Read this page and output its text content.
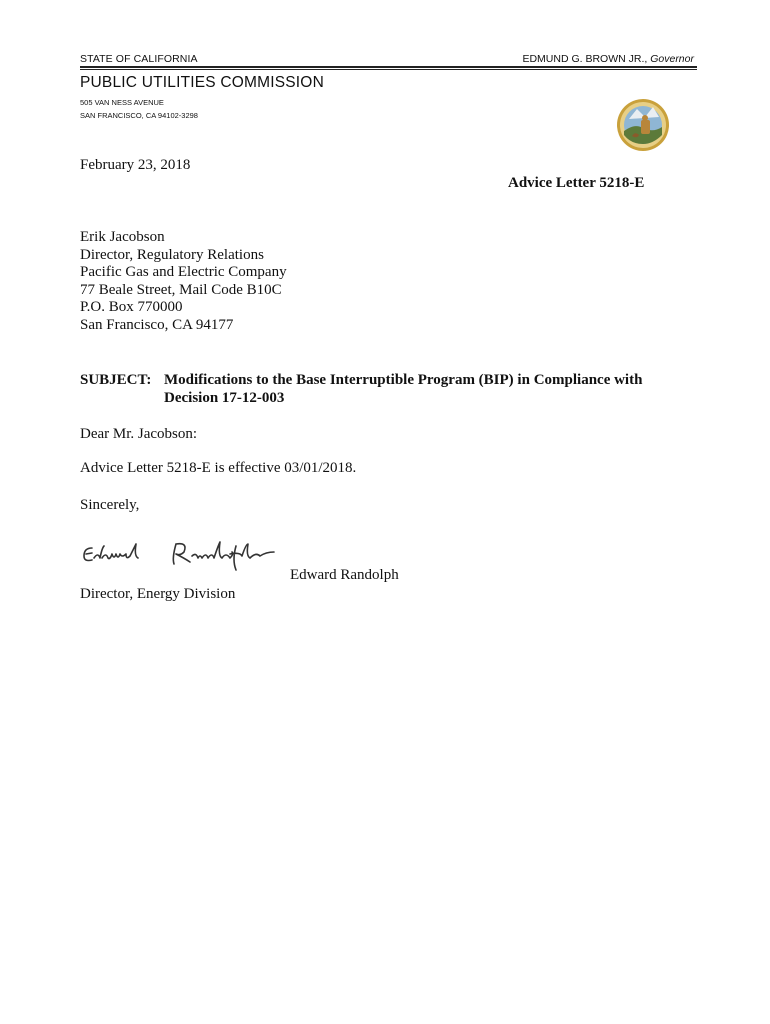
STATE OF CALIFORNIA	EDMUND G. BROWN JR., Governor
PUBLIC UTILITIES COMMISSION
505 VAN NESS AVENUE
SAN FRANCISCO, CA 94102-3298
February 23, 2018
Advice Letter 5218-E
Erik Jacobson
Director, Regulatory Relations
Pacific Gas and Electric Company
77 Beale Street, Mail Code B10C
P.O. Box 770000
San Francisco, CA 94177
SUBJECT: Modifications to the Base Interruptible Program (BIP) in Compliance with Decision 17-12-003
Dear Mr. Jacobson:
Advice Letter 5218-E is effective 03/01/2018.
Sincerely,
Edward Randolph
Director, Energy Division
